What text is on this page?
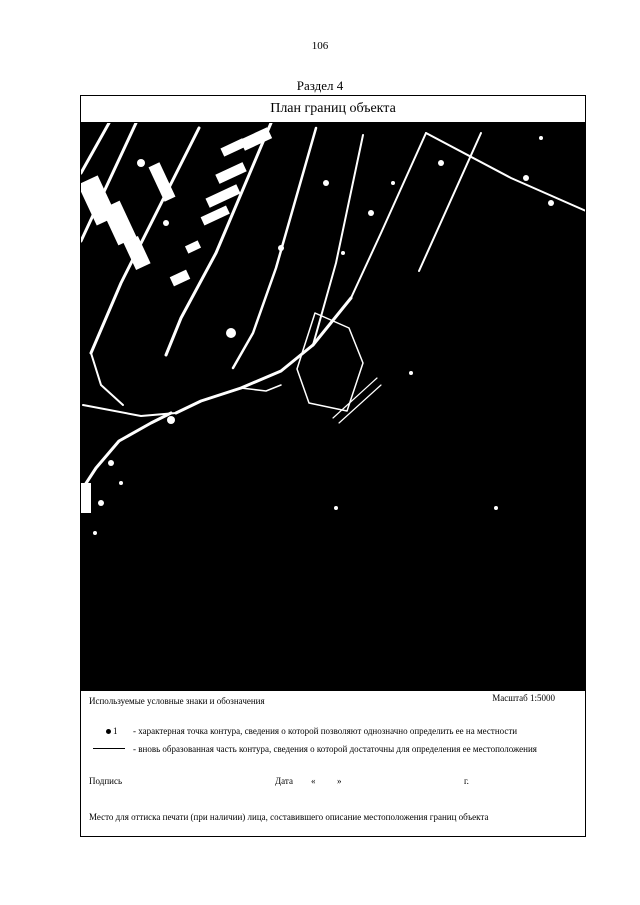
106
Раздел 4
План границ объекта
Используемые условные знаки и обозначения	Масштаб 1:5000
1 - характерная точка контура, сведения о которой позволяют однозначно определить ее на местности
- вновь образованная часть контура, сведения о которой достаточны для определения ее местоположения
Подпись	Дата « »	г.
Место для оттиска печати (при наличии) лица, составившего описание местоположения границ объекта
